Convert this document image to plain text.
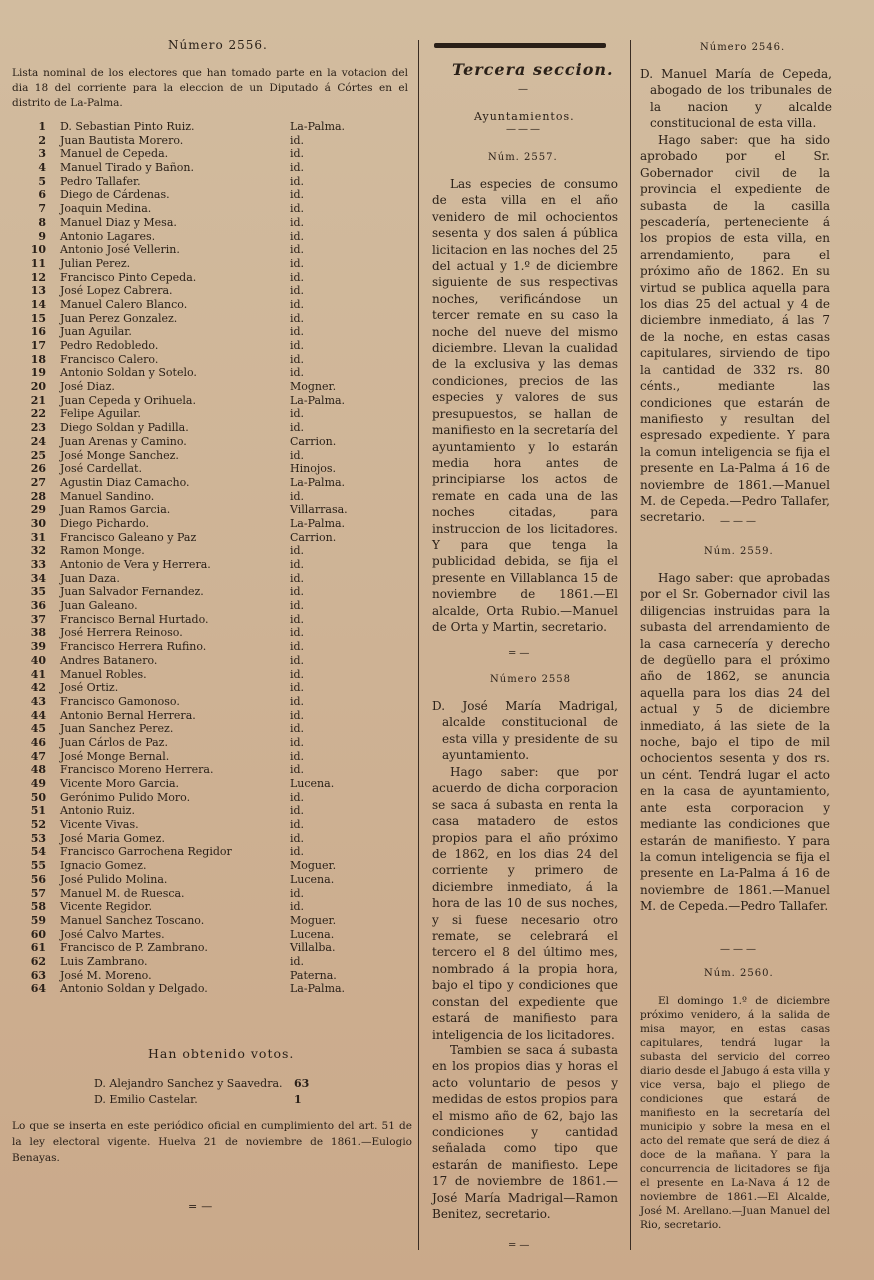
Número 2556.
Lista nominal de los electores que han tomado parte en la votacion del dia 18 del corriente para la eleccion de un Diputado á Córtes en el distrito de La-Palma.
1 D. Sebastian Pinto Ruiz.	La-Palma.
2 Juan Bautista Morero.	id.
3 Manuel de Cepeda.	id.
4 Manuel Tirado y Bañon.	id.
5 Pedro Tallafer.	id.
6 Diego de Cárdenas.	id.
7 Joaquin Medina.	id.
8 Manuel Diaz y Mesa.	id.
9 Antonio Lagares.	id.
10 Antonio José Vellerin.	id.
11 Julian Perez.	id.
12 Francisco Pinto Cepeda.	id.
13 José Lopez Cabrera.	id.
14 Manuel Calero Blanco.	id.
15 Juan Perez Gonzalez.	id.
16 Juan Aguilar.	id.
17 Pedro Redobledo.	id.
18 Francisco Calero.	id.
19 Antonio Soldan y Sotelo.	id.
20 José Diaz.	Mogner.
21 Juan Cepeda y Orihuela.	La-Palma.
22 Felipe Aguilar.	id.
23 Diego Soldan y Padilla.	id.
24 Juan Arenas y Camino.	Carrion.
25 José Monge Sanchez.	id.
26 José Cardellat.	Hinojos.
27 Agustin Diaz Camacho.	La-Palma.
28 Manuel Sandino.	id.
29 Juan Ramos Garcia.	Villarrasa.
30 Diego Pichardo.	La-Palma.
31 Francisco Galeano y Paz	Carrion.
32 Ramon Monge.	id.
33 Antonio de Vera y Herrera.	id.
34 Juan Daza.	id.
35 Juan Salvador Fernandez.	id.
36 Juan Galeano.	id.
37 Francisco Bernal Hurtado.	id.
38 José Herrera Reinoso.	id.
39 Francisco Herrera Rufino.	id.
40 Andres Batanero.	id.
41 Manuel Robles.	id.
42 José Ortiz.	id.
43 Francisco Gamonoso.	id.
44 Antonio Bernal Herrera.	id.
45 Juan Sanchez Perez.	id.
46 Juan Cárlos de Paz.	id.
47 José Monge Bernal.	id.
48 Francisco Moreno Herrera.	id.
49 Vicente Moro Garcia.	Lucena.
50 Gerónimo Pulido Moro.	id.
51 Antonio Ruiz.	id.
52 Vicente Vivas.	id.
53 José Maria Gomez.	id.
54 Francisco Garrochena Regidor	id.
55 Ignacio Gomez.	Moguer.
56 José Pulido Molina.	Lucena.
57 Manuel M. de Ruesca.	id.
58 Vicente Regidor.	id.
59 Manuel Sanchez Toscano.	Moguer.
60 José Calvo Martes.	Lucena.
61 Francisco de P. Zambrano.	Villalba.
62 Luis Zambrano.	id.
63 José M. Moreno.	Paterna.
64 Antonio Soldan y Delgado.	La-Palma.
Han obtenido votos.
D. Alejandro Sanchez y Saavedra. 63
D. Emilio Castelar.	1
Lo que se inserta en este periódico oficial en cumplimiento del art. 51 de la ley electoral vigente. Huelva 21 de noviembre de 1861.—Eulogio Benayas.
=—
Tercera seccion.
—
Ayuntamientos.
———
Núm. 2557.
Las especies de consumo de esta villa en el año venidero de mil ochocientos sesenta y dos salen á pública licitacion en las noches del 25 del actual y 1.º de diciembre siguiente de sus respectivas noches, verificándose un tercer remate en su caso la noche del nueve del mismo diciembre. Llevan la cualidad de la exclusiva y las demas condiciones, precios de las especies y valores de sus presupuestos, se hallan de manifiesto en la secretaría del ayuntamiento y lo estarán media hora antes de principiarse los actos de remate en cada una de las noches citadas, para instruccion de los licitadores. Y para que tenga la publicidad debida, se fija el presente en Villablanca 15 de noviembre de 1861.—El alcalde, Orta Rubio.—Manuel de Orta y Martin, secretario.
=—
Número 2558
D. José María Madrigal, alcalde constitucional de esta villa y presidente de su ayuntamiento.
Hago saber: que por acuerdo de dicha corporacion se saca á subasta en renta la casa matadero de estos propios para el año próximo de 1862, en los dias 24 del corriente y primero de diciembre inmediato, á la hora de las 10 de sus noches, y si fuese necesario otro remate, se celebrará el tercero el 8 del último mes, nombrado á la propia hora, bajo el tipo y condiciones que constan del expediente que estará de manifiesto para inteligencia de los licitadores.
Tambien se saca á subasta en los propios dias y horas el acto voluntario de pesos y medidas de estos propios para el mismo año de 62, bajo las condiciones y cantidad señalada como tipo que estarán de manifiesto. Lepe 17 de noviembre de 1861.—José María Madrigal—Ramon Benitez, secretario.
=—
Número 2546.
D. Manuel María de Cepeda, abogado de los tribunales de la nacion y alcalde constitucional de esta villa.
Hago saber: que ha sido aprobado por el Sr. Gobernador civil de la provincia el expediente de subasta de la casilla pescadería, perteneciente á los propios de esta villa, en arrendamiento, para el próximo año de 1862. En su virtud se publica aquella para los dias 25 del actual y 4 de diciembre inmediato, á las 7 de la noche, en estas casas capitulares, sirviendo de tipo la cantidad de 332 rs. 80 cénts., mediante las condiciones que estarán de manifiesto y resultan del espresado expediente. Y para la comun inteligencia se fija el presente en La-Palma á 16 de noviembre de 1861.—Manuel M. de Cepeda.—Pedro Tallafer, secretario.	———
Núm. 2559.
Hago saber: que aprobadas por el Sr. Gobernador civil las diligencias instruidas para la subasta del arrendamiento de la casa carnecería y derecho de degüello para el próximo año de 1862, se anuncia aquella para los dias 24 del actual y 5 de diciembre inmediato, á las siete de la noche, bajo el tipo de mil ochocientos sesenta y dos rs. un cént. Tendrá lugar el acto en la casa de ayuntamiento, ante esta corporacion y mediante las condiciones que estarán de manifiesto. Y para la comun inteligencia se fija el presente en La-Palma á 16 de noviembre de 1861.—Manuel M. de Cepeda.—Pedro Tallafer.
———
Núm. 2560.
El domingo 1.º de diciembre próximo venidero, á la salida de misa mayor, en estas casas capitulares, tendrá lugar la subasta del servicio del correo diario desde el Jabugo á esta villa y vice versa, bajo el pliego de condiciones que estará de manifiesto en la secretaría del municipio y sobre la mesa en el acto del remate que será de diez á doce de la mañana. Y para la concurrencia de licitadores se fija el presente en La-Nava á 12 de noviembre de 1861.—El Alcalde, José M. Arellano.—Juan Manuel del Rio, secretario.
